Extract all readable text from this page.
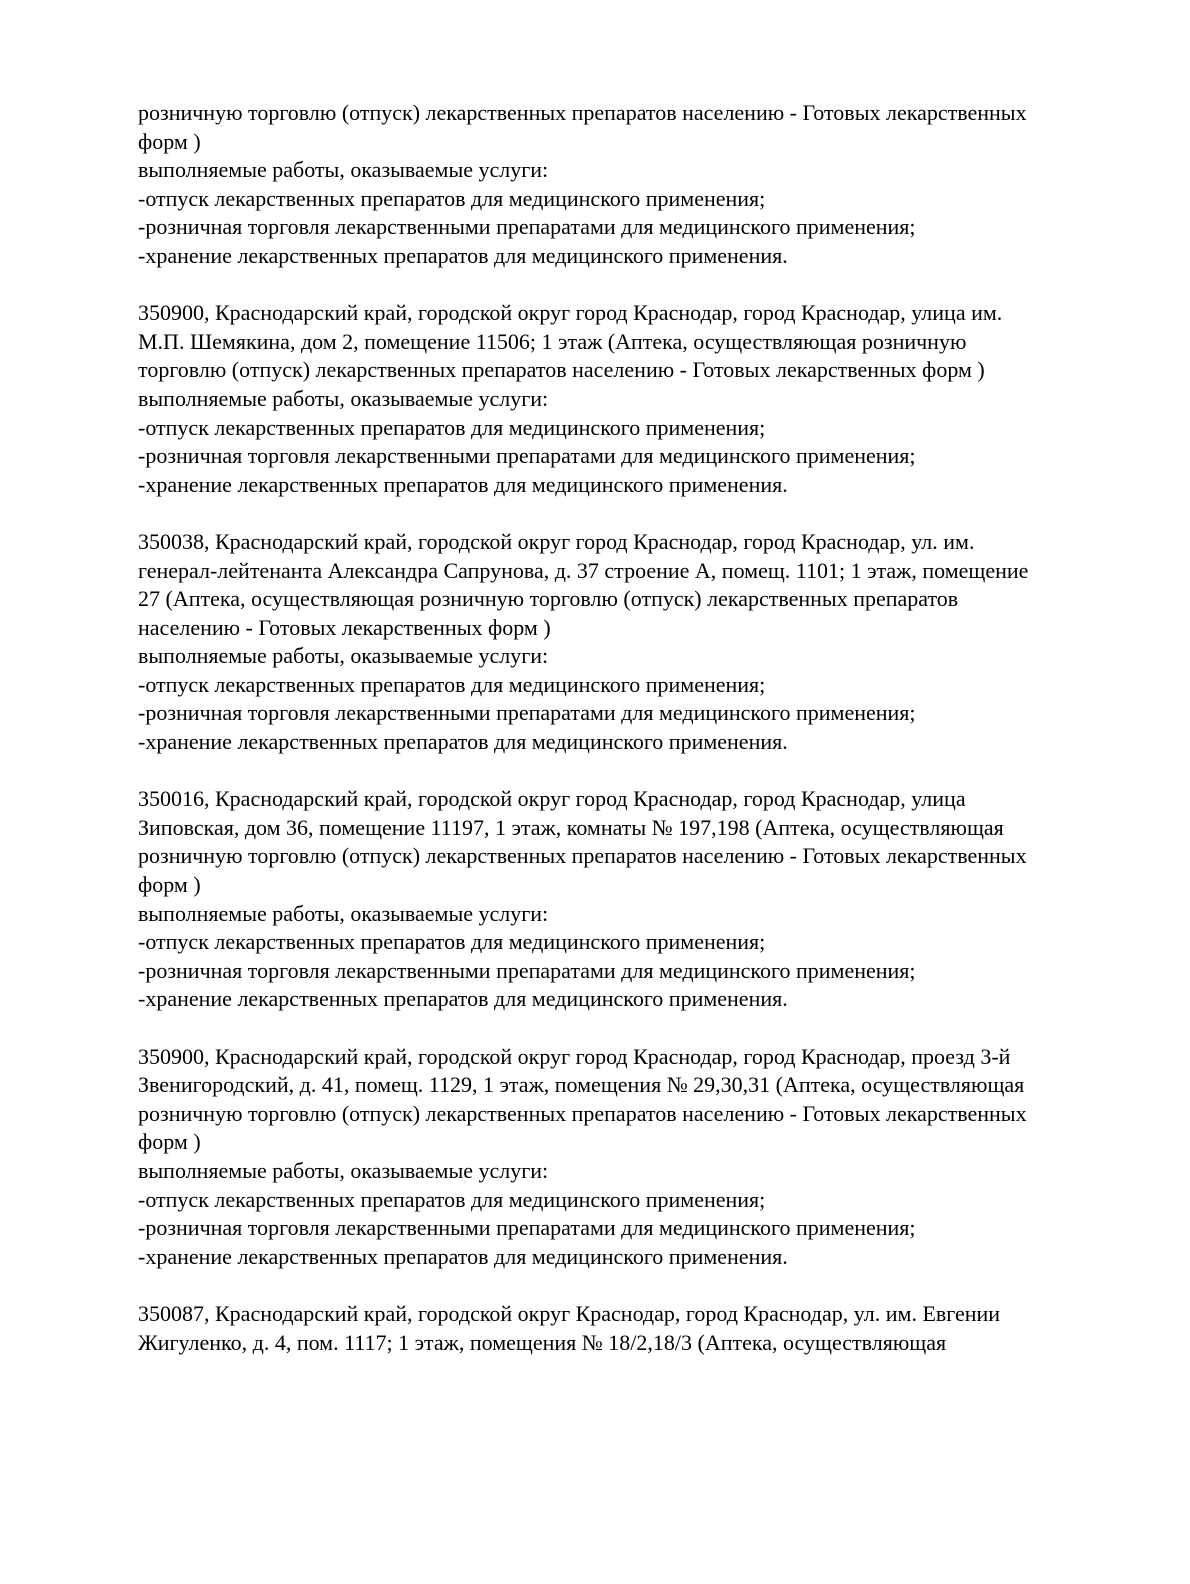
розничную торговлю (отпуск) лекарственных препаратов населению - Готовых лекарственных
форм )
выполняемые работы, оказываемые услуги:
-отпуск лекарственных препаратов для медицинского применения;
-розничная торговля лекарственными препаратами для медицинского применения;
-хранение лекарственных препаратов для медицинского применения.
350900, Краснодарский край, городской округ город Краснодар, город Краснодар, улица им.
М.П. Шемякина, дом 2, помещение 11506; 1 этаж (Аптека, осуществляющая розничную
торговлю (отпуск) лекарственных препаратов населению - Готовых лекарственных форм )
выполняемые работы, оказываемые услуги:
-отпуск лекарственных препаратов для медицинского применения;
-розничная торговля лекарственными препаратами для медицинского применения;
-хранение лекарственных препаратов для медицинского применения.
350038, Краснодарский край, городской округ город Краснодар, город Краснодар, ул. им.
генерал-лейтенанта Александра Сапрунова, д. 37 строение А, помещ. 1101; 1 этаж, помещение
27 (Аптека, осуществляющая розничную торговлю (отпуск) лекарственных препаратов
населению - Готовых лекарственных форм )
выполняемые работы, оказываемые услуги:
-отпуск лекарственных препаратов для медицинского применения;
-розничная торговля лекарственными препаратами для медицинского применения;
-хранение лекарственных препаратов для медицинского применения.
350016, Краснодарский край, городской округ город Краснодар, город Краснодар, улица
Зиповская, дом 36, помещение 11197, 1 этаж, комнаты № 197,198 (Аптека, осуществляющая
розничную торговлю (отпуск) лекарственных препаратов населению - Готовых лекарственных
форм )
выполняемые работы, оказываемые услуги:
-отпуск лекарственных препаратов для медицинского применения;
-розничная торговля лекарственными препаратами для медицинского применения;
-хранение лекарственных препаратов для медицинского применения.
350900, Краснодарский край, городской округ город Краснодар, город Краснодар, проезд 3-й
Звенигородский, д. 41, помещ. 1129, 1 этаж, помещения № 29,30,31 (Аптека, осуществляющая
розничную торговлю (отпуск) лекарственных препаратов населению - Готовых лекарственных
форм )
выполняемые работы, оказываемые услуги:
-отпуск лекарственных препаратов для медицинского применения;
-розничная торговля лекарственными препаратами для медицинского применения;
-хранение лекарственных препаратов для медицинского применения.
350087, Краснодарский край, городской округ Краснодар, город Краснодар, ул. им. Евгении
Жигуленко, д. 4, пом. 1117; 1 этаж, помещения № 18/2,18/3 (Аптека, осуществляющая
